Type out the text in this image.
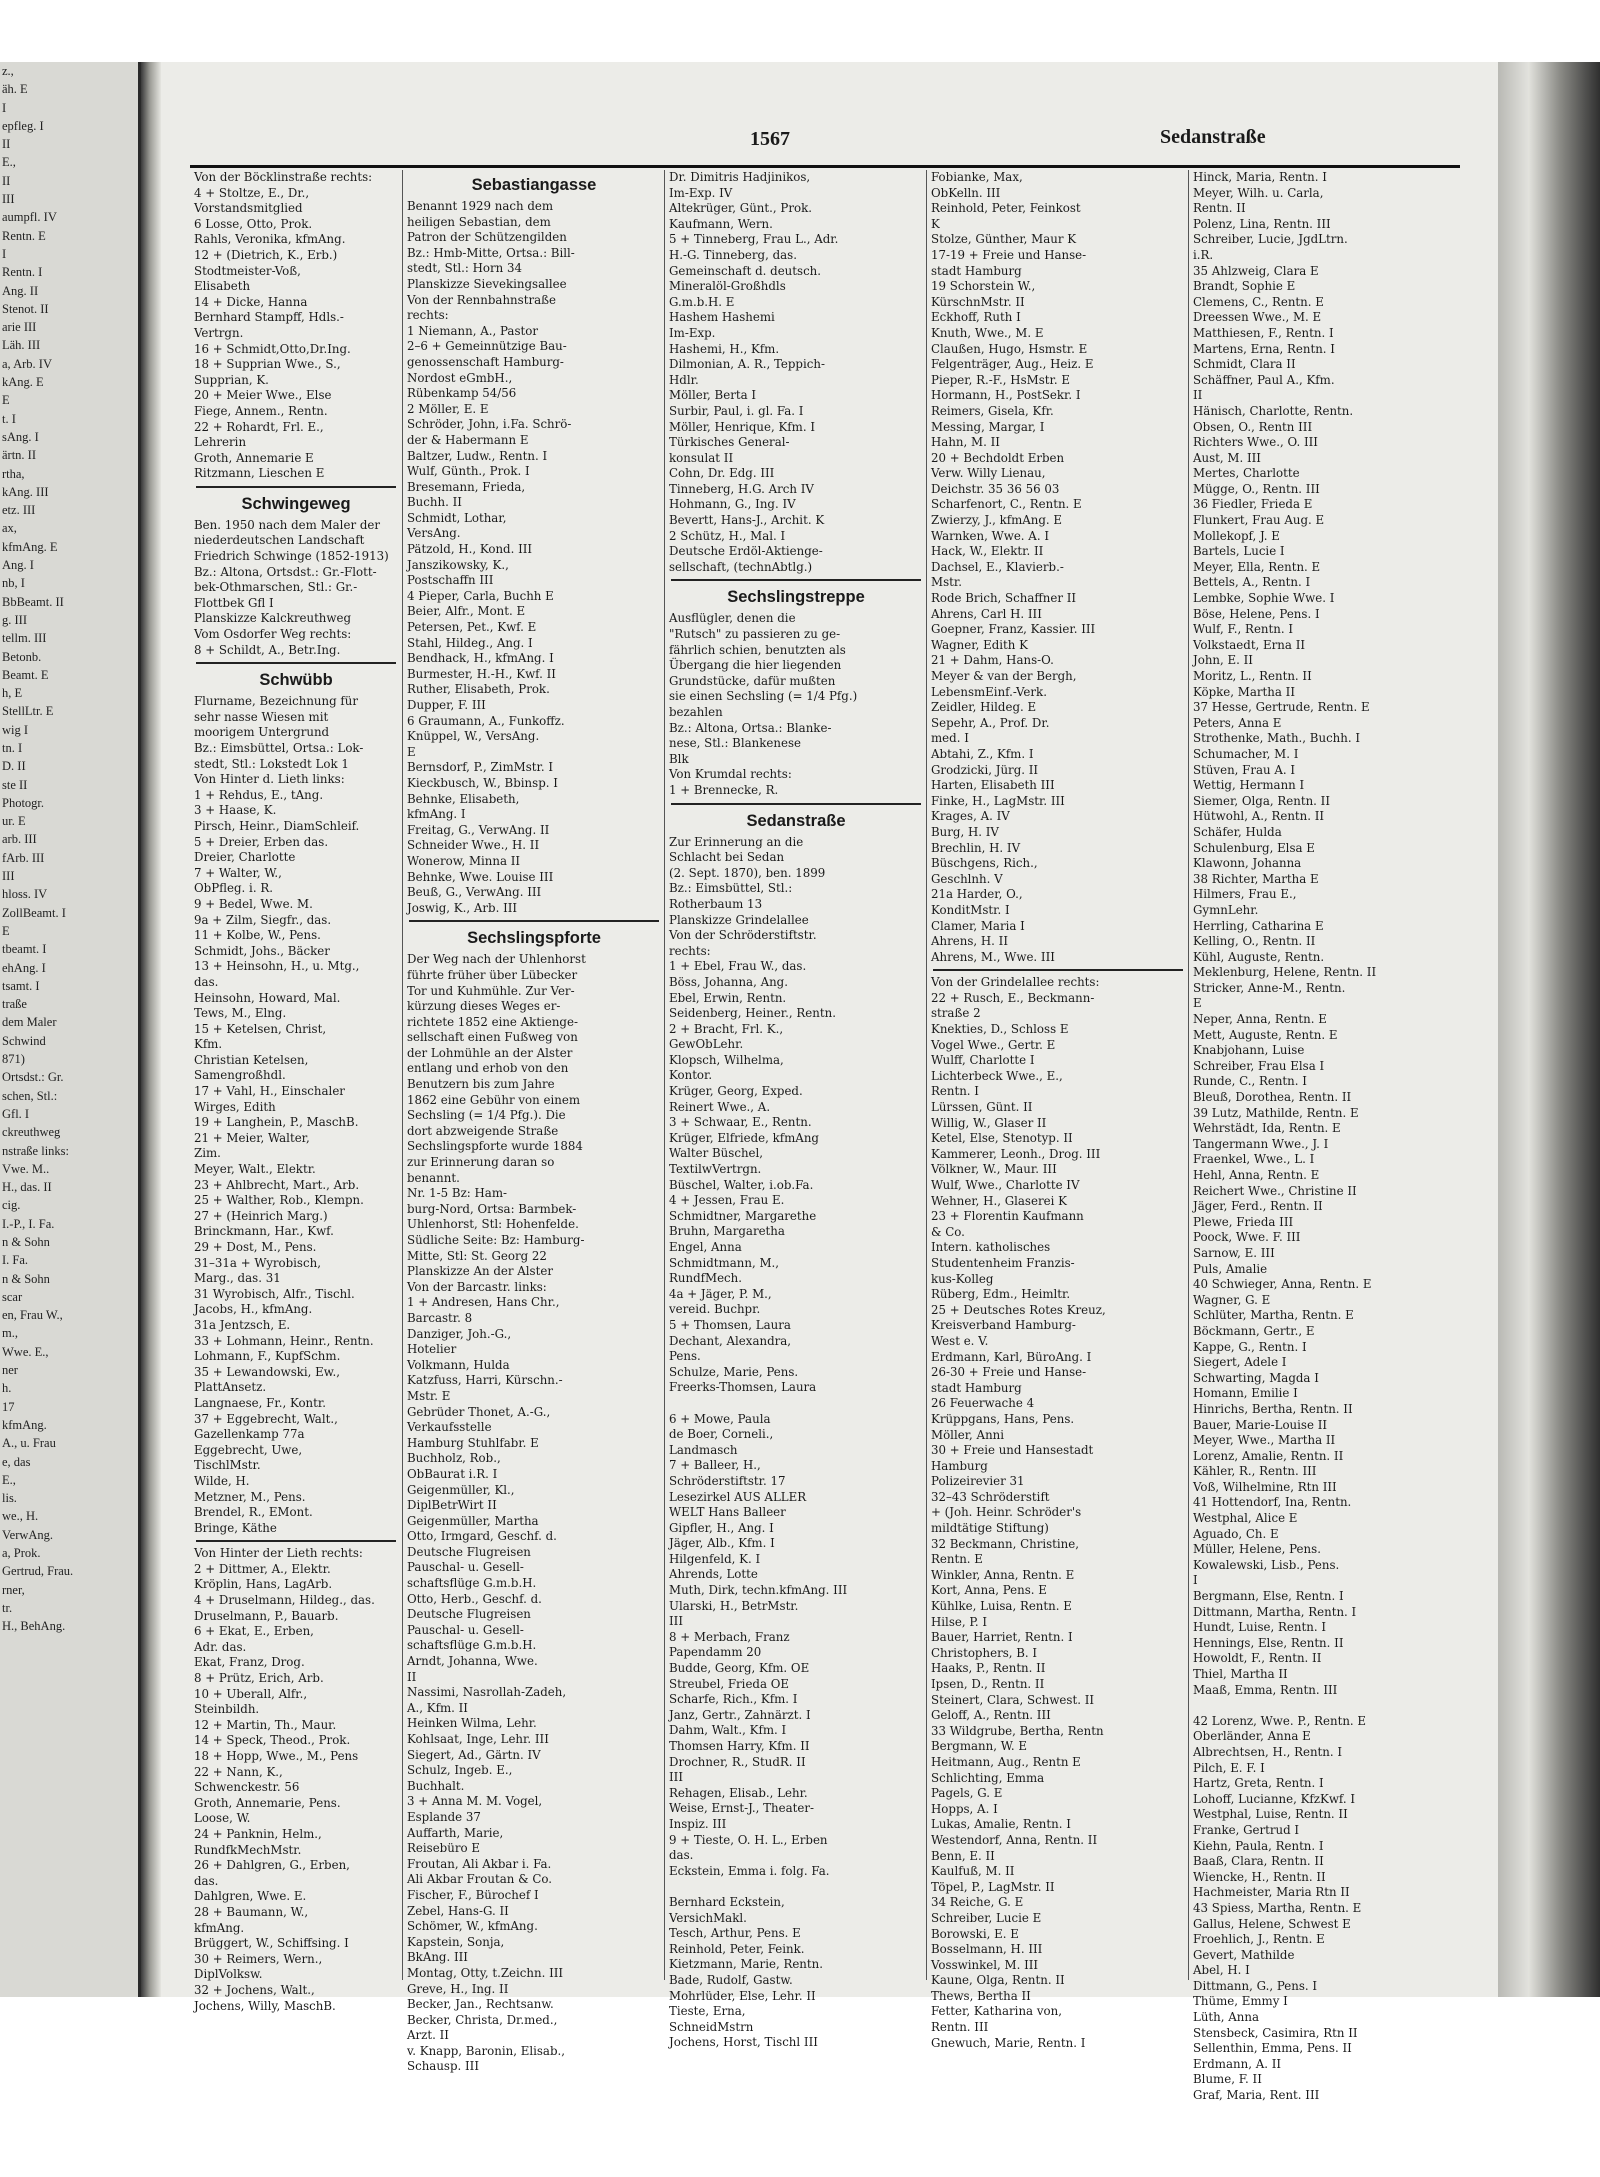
z.,
äh. E
I
epfleg. I
II
E.,
II
III
aumpfl. IV
Rentn. E
I
Rentn. I
Ang. II
Stenot. II
arie III
Läh. III
a, Arb. IV
kAng. E
E
t. I
sAng. I
ärtn. II
rtha,
kAng. III
etz. III
ax,
kfmAng. E
Ang. I
nb, I
BbBeamt. II
g. III
tellm. III
Betonb.
Beamt. E
h, E
StellLtr. E
wig I
tn. I
D. II
ste II
Photogr.
ur. E
arb. III
fArb. III
III
hloss. IV
ZollBeamt. I
E
tbeamt. I
ehAng. I
tsamt. I
traße
dem Maler
Schwind
871)
Ortsdst.: Gr.
schen, Stl.:
Gfl. I
ckreuthweg
nstraße links:
Vwe. M..
H., das. II
cig.
I.-P., I. Fa.
n & Sohn
I. Fa.
n & Sohn
scar
en, Frau W.,
m.,
Wwe. E.,
ner
h.
17
kfmAng.
A., u. Frau
e, das
E.,
lis.
we., H.
VerwAng.
a, Prok.
Gertrud, Frau.
rner,
tr.
H., BehAng.
1567	Sedanstraße
Von der Böcklinstraße rechts:
4 + Stoltze, E., Dr.,
Vorstandsmitglied
6 Losse, Otto, Prok.
Rahls, Veronika, kfmAng.
12 + (Dietrich, K., Erb.)
Stodtmeister-Voß,
Elisabeth
14 + Dicke, Hanna
Bernhard Stampff, Hdls.-
Vertrgn.
16 + Schmidt,Otto,Dr.Ing.
18 + Supprian Wwe., S.,
Supprian, K.
20 + Meier Wwe., Else
Fiege, Annem., Rentn.
22 + Rohardt, Frl. E.,
Lehrerin
Groth, Annemarie E
Ritzmann, Lieschen E
Schwingeweg
Ben. 1950 nach dem Maler der
niederdeutschen Landschaft
Friedrich Schwinge (1852-1913)
Bz.: Altona, Ortsdst.: Gr.-Flott-
bek-Othmarschen, Stl.: Gr.-
Flottbek Gfl I
Planskizze Kalckreuthweg
Vom Osdorfer Weg rechts:
8 + Schildt, A., Betr.Ing.
Schwübb
Flurname, Bezeichnung für
sehr nasse Wiesen mit
moorigem Untergrund
Bz.: Eimsbüttel, Ortsa.: Lok-
stedt, Stl.: Lokstedt Lok 1
Von Hinter d. Lieth links:
1 + Rehdus, E., tAng.
3 + Haase, K.
Pirsch, Heinr., DiamSchleif.
5 + Dreier, Erben das.
Dreier, Charlotte
7 + Walter, W.,
ObPfleg. i. R.
9 + Bedel, Wwe. M.
9a + Zilm, Siegfr., das.
11 + Kolbe, W., Pens.
Schmidt, Johs., Bäcker
13 + Heinsohn, H., u. Mtg.,
das.
Heinsohn, Howard, Mal.
Tews, M., Elng.
15 + Ketelsen, Christ,
Kfm.
Christian Ketelsen,
Samengroßhdl.
17 + Vahl, H., Einschaler
Wirges, Edith
19 + Langhein, P., MaschB.
21 + Meier, Walter,
Zim.
Meyer, Walt., Elektr.
23 + Ahlbrecht, Mart., Arb.
25 + Walther, Rob., Klempn.
27 + (Heinrich Marg.)
Brinckmann, Har., Kwf.
29 + Dost, M., Pens.
31–31a + Wyrobisch,
Marg., das. 31
31 Wyrobisch, Alfr., Tischl.
Jacobs, H., kfmAng.
31a Jentzsch, E.
33 + Lohmann, Heinr., Rentn.
Lohmann, F., KupfSchm.
35 + Lewandowski, Ew.,
PlattAnsetz.
Langnaese, Fr., Kontr.
37 + Eggebrecht, Walt.,
Gazellenkamp 77a
Eggebrecht, Uwe,
TischlMstr.
Wilde, H.
Metzner, M., Pens.
Brendel, R., EMont.
Bringe, Käthe
Von Hinter der Lieth rechts:
2 + Dittmer, A., Elektr.
Kröplin, Hans, LagArb.
4 + Druselmann, Hildeg., das.
Druselmann, P., Bauarb.
6 + Ekat, E., Erben,
Adr. das.
Ekat, Franz, Drog.
8 + Prütz, Erich, Arb.
10 + Uberall, Alfr.,
Steinbildh.
12 + Martin, Th., Maur.
14 + Speck, Theod., Prok.
18 + Hopp, Wwe., M., Pens
22 + Nann, K.,
Schwenckestr. 56
Groth, Annemarie, Pens.
Loose, W.
24 + Panknin, Helm.,
RundfkMechMstr.
26 + Dahlgren, G., Erben,
das.
Dahlgren, Wwe. E.
28 + Baumann, W.,
kfmAng.
Brüggert, W., Schiffsing. I
30 + Reimers, Wern.,
DiplVolksw.
32 + Jochens, Walt.,
Jochens, Willy, MaschB.
Sebastiangasse
Benannt 1929 nach dem
heiligen Sebastian, dem
Patron der Schützengilden
Bz.: Hmb-Mitte, Ortsa.: Bill-
stedt, Stl.: Horn 34
Planskizze Sievekingsallee
Von der Rennbahnstraße
rechts:
1 Niemann, A., Pastor
2–6 + Gemeinnützige Bau-
genossenschaft Hamburg-
Nordost eGmbH.,
Rübenkamp 54/56
2 Möller, E. E
Schröder, John, i.Fa. Schrö-
der & Habermann E
Baltzer, Ludw., Rentn. I
Wulf, Günth., Prok. I
Bresemann, Frieda,
Buchh. II
Schmidt, Lothar,
VersAng.
Pätzold, H., Kond. III
Janszikowsky, K.,
Postschaffn III
4 Pieper, Carla, Buchh E
Beier, Alfr., Mont. E
Petersen, Pet., Kwf. E
Stahl, Hildeg., Ang. I
Bendhack, H., kfmAng. I
Burmester, H.-H., Kwf. II
Ruther, Elisabeth, Prok.
Dupper, F. III
6 Graumann, A., Funkoffz.
Knüppel, W., VersAng.
E
Bernsdorf, P., ZimMstr. I
Kieckbusch, W., Bbinsp. I
Behnke, Elisabeth,
kfmAng. I
Freitag, G., VerwAng. II
Schneider Wwe., H. II
Wonerow, Minna II
Behnke, Wwe. Louise III
Beuß, G., VerwAng. III
Joswig, K., Arb. III
Sechslingspforte
Der Weg nach der Uhlenhorst
führte früher über Lübecker
Tor und Kuhmühle. Zur Ver-
kürzung dieses Weges er-
richtete 1852 eine Aktienge-
sellschaft einen Fußweg von
der Lohmühle an der Alster
entlang und erhob von den
Benutzern bis zum Jahre
1862 eine Gebühr von einem
Sechsling (= 1/4 Pfg.). Die
dort abzweigende Straße
Sechslingspforte wurde 1884
zur Erinnerung daran so
benannt.
Nr. 1-5 Bz: Ham-
burg-Nord, Ortsa: Barmbek-
Uhlenhorst, Stl: Hohenfelde.
Südliche Seite: Bz: Hamburg-
Mitte, Stl: St. Georg 22
Planskizze An der Alster
Von der Barcastr. links:
1 + Andresen, Hans Chr.,
Barcastr. 8
Danziger, Joh.-G.,
Hotelier
Volkmann, Hulda
Katzfuss, Harri, Kürschn.-
Mstr. E
Gebrüder Thonet, A.-G.,
Verkaufsstelle
Hamburg Stuhlfabr. E
Buchholz, Rob.,
ObBaurat i.R. I
Geigenmüller, Kl.,
DiplBetrWirt II
Geigenmüller, Martha
Otto, Irmgard, Geschf. d.
Deutsche Flugreisen
Pauschal- u. Gesell-
schaftsflüge G.m.b.H.
Otto, Herb., Geschf. d.
Deutsche Flugreisen
Pauschal- u. Gesell-
schaftsflüge G.m.b.H.
Arndt, Johanna, Wwe.
II
Nassimi, Nasrollah-Zadeh,
A., Kfm. II
Heinken Wilma, Lehr.
Kohlsaat, Inge, Lehr. III
Siegert, Ad., Gärtn. IV
Schulz, Ingeb. E.,
Buchhalt.
3 + Anna M. M. Vogel,
Esplande 37
Auffarth, Marie,
Reisebüro E
Froutan, Ali Akbar i. Fa.
Ali Akbar Froutan & Co.
Fischer, F., Bürochef I
Zebel, Hans-G. II
Schömer, W., kfmAng.
Kapstein, Sonja,
BkAng. III
Montag, Otty, t.Zeichn. III
Greve, H., Ing. II
Becker, Jan., Rechtsanw.
Becker, Christa, Dr.med.,
Arzt. II
v. Knapp, Baronin, Elisab.,
Schausp. III
Dr. Dimitris Hadjinikos,
Im-Exp. IV
Altekrüger, Günt., Prok.
Kaufmann, Wern.
5 + Tinneberg, Frau L., Adr.
H.-G. Tinneberg, das.
Gemeinschaft d. deutsch.
Mineralöl-Großhdls
G.m.b.H. E
Hashem Hashemi
Im-Exp.
Hashemi, H., Kfm.
Dilmonian, A. R., Teppich-
Hdlr.
Möller, Berta I
Surbir, Paul, i. gl. Fa. I
Möller, Henrique, Kfm. I
Türkisches General-
konsulat II
Cohn, Dr. Edg. III
Tinneberg, H.G. Arch IV
Hohmann, G., Ing. IV
Bevertt, Hans-J., Archit. K
2 Schütz, H., Mal. I
Deutsche Erdöl-Aktienge-
sellschaft, (technAbtlg.)
Sechslingstreppe
Ausflügler, denen die
"Rutsch" zu passieren zu ge-
fährlich schien, benutzten als
Übergang die hier liegenden
Grundstücke, dafür mußten
sie einen Sechsling (= 1/4 Pfg.)
bezahlen
Bz.: Altona, Ortsa.: Blanke-
nese, Stl.: Blankenese
Blk
Von Krumdal rechts:
1 + Brennecke, R.
Sedanstraße
Zur Erinnerung an die
Schlacht bei Sedan
(2. Sept. 1870), ben. 1899
Bz.: Eimsbüttel, Stl.:
Rotherbaum 13
Planskizze Grindelallee
Von der Schröderstiftstr.
rechts:
1 + Ebel, Frau W., das.
Böss, Johanna, Ang.
Ebel, Erwin, Rentn.
Seidenberg, Heiner., Rentn.
2 + Bracht, Frl. K.,
GewObLehr.
Klopsch, Wilhelma,
Kontor.
Krüger, Georg, Exped.
Reinert Wwe., A.
3 + Schwaar, E., Rentn.
Krüger, Elfriede, kfmAng
Walter Büschel,
TextilwVertrgn.
Büschel, Walter, i.ob.Fa.
4 + Jessen, Frau E.
Schmidtner, Margarethe
Bruhn, Margaretha
Engel, Anna
Schmidtmann, M.,
RundfMech.
4a + Jäger, P. M.,
vereid. Buchpr.
5 + Thomsen, Laura
Dechant, Alexandra,
Pens.
Schulze, Marie, Pens.
Freerks-Thomsen, Laura

6 + Mowe, Paula
de Boer, Corneli.,
Landmasch
7 + Balleer, H.,
Schröderstiftstr. 17
Lesezirkel AUS ALLER
WELT Hans Balleer
Gipfler, H., Ang. I
Jäger, Alb., Kfm. I
Hilgenfeld, K. I
Ahrends, Lotte
Muth, Dirk, techn.kfmAng. III
Ularski, H., BetrMstr.
III
8 + Merbach, Franz
Papendamm 20
Budde, Georg, Kfm. OE
Streubel, Frieda OE
Scharfe, Rich., Kfm. I
Janz, Gertr., Zahnärzt. I
Dahm, Walt., Kfm. I
Thomsen Harry, Kfm. II
Drochner, R., StudR. II
III
Rehagen, Elisab., Lehr.
Weise, Ernst-J., Theater-
Inspiz. III
9 + Tieste, O. H. L., Erben
das.
Eckstein, Emma i. folg. Fa.

Bernhard Eckstein,
VersichMakl.
Tesch, Arthur, Pens. E
Reinhold, Peter, Feink.
Kietzmann, Marie, Rentn.
Bade, Rudolf, Gastw.
Mohrlüder, Else, Lehr. II
Tieste, Erna,
SchneidMstrn
Jochens, Horst, Tischl III
Fobianke, Max,
ObKelln. III
Reinhold, Peter, Feinkost
K
Stolze, Günther, Maur K
17-19 + Freie und Hanse-
stadt Hamburg
19 Schorstein W.,
KürschnMstr. II
Eckhoff, Ruth I
Knuth, Wwe., M. E
Claußen, Hugo, Hsmstr. E
Felgenträger, Aug., Heiz. E
Pieper, R.-F., HsMstr. E
Hormann, H., PostSekr. I
Reimers, Gisela, Kfr.
Messing, Margar, I
Hahn, M. II
20 + Bechdoldt Erben
Verw. Willy Lienau,
Deichstr. 35 36 56 03
Scharfenort, C., Rentn. E
Zwierzy, J., kfmAng. E
Warnken, Wwe. A. I
Hack, W., Elektr. II
Dachsel, E., Klavierb.-
Mstr.
Rode Brich, Schaffner II
Ahrens, Carl H. III
Goepner, Franz, Kassier. III
Wagner, Edith K
21 + Dahm, Hans-O.
Meyer & van der Bergh,
LebensmEinf.-Verk.
Zeidler, Hildeg. E
Sepehr, A., Prof. Dr.
med. I
Abtahi, Z., Kfm. I
Grodzicki, Jürg. II
Harten, Elisabeth III
Finke, H., LagMstr. III
Krages, A. IV
Burg, H. IV
Brechlin, H. IV
Büschgens, Rich.,
Geschlnh. V
21a Harder, O.,
KonditMstr. I
Clamer, Maria I
Ahrens, H. II
Ahrens, M., Wwe. III
Von der Grindelallee rechts:
22 + Rusch, E., Beckmann-
straße 2
Knekties, D., Schloss E
Vogel Wwe., Gertr. E
Wulff, Charlotte I
Lichterbeck Wwe., E.,
Rentn. I
Lürssen, Günt. II
Willig, W., Glaser II
Ketel, Else, Stenotyp. II
Kammerer, Leonh., Drog. III
Völkner, W., Maur. III
Wulf, Wwe., Charlotte IV
Wehner, H., Glaserei K
23 + Florentin Kaufmann
& Co.
Intern. katholisches
Studentenheim Franzis-
kus-Kolleg
Rüberg, Edm., Heimltr.
25 + Deutsches Rotes Kreuz,
Kreisverband Hamburg-
West e. V.
Erdmann, Karl, BüroAng. I
26-30 + Freie und Hanse-
stadt Hamburg
26 Feuerwache 4
Krüppgans, Hans, Pens.
Möller, Anni
30 + Freie und Hansestadt
Hamburg
Polizeirevier 31
32–43 Schröderstift
+ (Joh. Heinr. Schröder's
mildtätige Stiftung)
32 Beckmann, Christine,
Rentn. E
Winkler, Anna, Rentn. E
Kort, Anna, Pens. E
Kühlke, Luisa, Rentn. E
Hilse, P. I
Bauer, Harriet, Rentn. I
Christophers, B. I
Haaks, P., Rentn. II
Ipsen, D., Rentn. II
Steinert, Clara, Schwest. II
Geloff, A., Rentn. III
33 Wildgrube, Bertha, Rentn
Bergmann, W. E
Heitmann, Aug., Rentn E
Schlichting, Emma
Pagels, G. E
Hopps, A. I
Lukas, Amalie, Rentn. I
Westendorf, Anna, Rentn. II
Benn, E. II
Kaulfuß, M. II
Töpel, P., LagMstr. II
34 Reiche, G. E
Schreiber, Lucie E
Borowski, E. E
Bosselmann, H. III
Vosswinkel, M. III
Kaune, Olga, Rentn. II
Thews, Bertha II
Fetter, Katharina von,
Rentn. III
Gnewuch, Marie, Rentn. I
Hinck, Maria, Rentn. I
Meyer, Wilh. u. Carla,
Rentn. II
Polenz, Lina, Rentn. III
Schreiber, Lucie, JgdLtrn.
i.R.
35 Ahlzweig, Clara E
Brandt, Sophie E
Clemens, C., Rentn. E
Dreessen Wwe., M. E
Matthiesen, F., Rentn. I
Martens, Erna, Rentn. I
Schmidt, Clara II
Schäffner, Paul A., Kfm.
II
Hänisch, Charlotte, Rentn.
Obsen, O., Rentn III
Richters Wwe., O. III
Aust, M. III
Mertes, Charlotte
Mügge, O., Rentn. III
36 Fiedler, Frieda E
Flunkert, Frau Aug. E
Mollekopf, J. E
Bartels, Lucie I
Meyer, Ella, Rentn. E
Bettels, A., Rentn. I
Lembke, Sophie Wwe. I
Böse, Helene, Pens. I
Wulf, F., Rentn. I
Volkstaedt, Erna II
John, E. II
Moritz, L., Rentn. II
Köpke, Martha II
37 Hesse, Gertrude, Rentn. E
Peters, Anna E
Strothenke, Math., Buchh. I
Schumacher, M. I
Stüven, Frau A. I
Wettig, Hermann I
Siemer, Olga, Rentn. II
Hütwohl, A., Rentn. II
Schäfer, Hulda
Schulenburg, Elsa E
Klawonn, Johanna
38 Richter, Martha E
Hilmers, Frau E.,
GymnLehr.
Herrling, Catharina E
Kelling, O., Rentn. II
Kühl, Auguste, Rentn.
Meklenburg, Helene, Rentn. II
Stricker, Anne-M., Rentn.
E
Neper, Anna, Rentn. E
Mett, Auguste, Rentn. E
Knabjohann, Luise
Schreiber, Frau Elsa I
Runde, C., Rentn. I
Bleuß, Dorothea, Rentn. II
39 Lutz, Mathilde, Rentn. E
Wehrstädt, Ida, Rentn. E
Tangermann Wwe., J. I
Fraenkel, Wwe., L. I
Hehl, Anna, Rentn. E
Reichert Wwe., Christine II
Jäger, Ferd., Rentn. II
Plewe, Frieda III
Poock, Wwe. F. III
Sarnow, E. III
Puls, Amalie
40 Schwieger, Anna, Rentn. E
Wagner, G. E
Schlüter, Martha, Rentn. E
Böckmann, Gertr., E
Kappe, G., Rentn. I
Siegert, Adele I
Schwarting, Magda I
Homann, Emilie I
Hinrichs, Bertha, Rentn. II
Bauer, Marie-Louise II
Meyer, Wwe., Martha II
Lorenz, Amalie, Rentn. II
Kähler, R., Rentn. III
Voß, Wilhelmine, Rtn III
41 Hottendorf, Ina, Rentn.
Westphal, Alice E
Aguado, Ch. E
Müller, Helene, Pens.
Kowalewski, Lisb., Pens.
I
Bergmann, Else, Rentn. I
Dittmann, Martha, Rentn. I
Hundt, Luise, Rentn. I
Hennings, Else, Rentn. II
Howoldt, F., Rentn. II
Thiel, Martha II
Maaß, Emma, Rentn. III

42 Lorenz, Wwe. P., Rentn. E
Oberländer, Anna E
Albrechtsen, H., Rentn. I
Pilch, E. F. I
Hartz, Greta, Rentn. I
Lohoff, Lucianne, KfzKwf. I
Westphal, Luise, Rentn. II
Franke, Gertrud I
Kiehn, Paula, Rentn. I
Baaß, Clara, Rentn. II
Wiencke, H., Rentn. II
Hachmeister, Maria Rtn II
43 Spiess, Martha, Rentn. E
Gallus, Helene, Schwest E
Froehlich, J., Rentn. E
Gevert, Mathilde
Abel, H. I
Dittmann, G., Pens. I
Thüme, Emmy I
Lüth, Anna
Stensbeck, Casimira, Rtn II
Sellenthin, Emma, Pens. II
Erdmann, A. II
Blume, F. II
Graf, Maria, Rent. III
